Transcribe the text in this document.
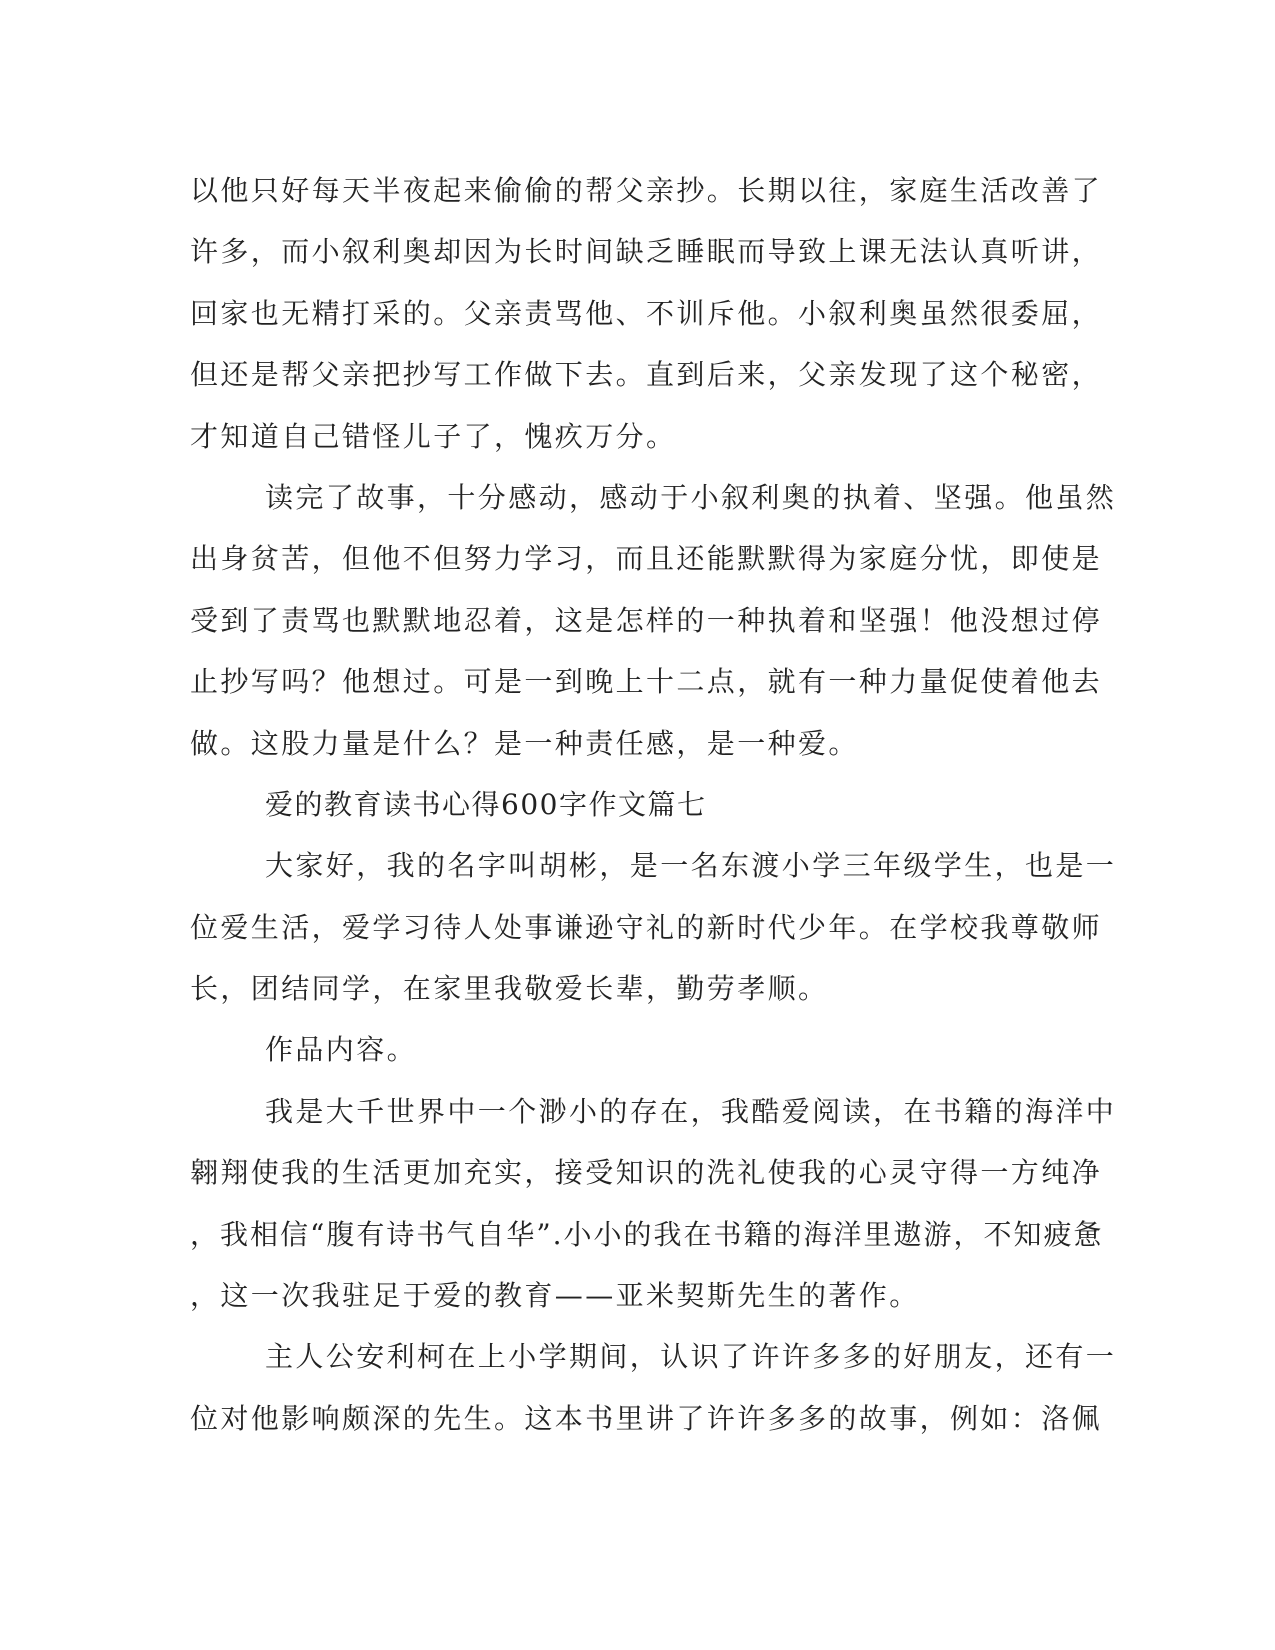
以他只好每天半夜起来偷偷的帮父亲抄。长期以往，家庭生活改善了
许多，而小叙利奥却因为长时间缺乏睡眠而导致上课无法认真听讲，
回家也无精打采的。父亲责骂他、不训斥他。小叙利奥虽然很委屈，
但还是帮父亲把抄写工作做下去。直到后来，父亲发现了这个秘密，
才知道自己错怪儿子了，愧疚万分。
读完了故事，十分感动，感动于小叙利奥的执着、坚强。他虽然
出身贫苦，但他不但努力学习，而且还能默默得为家庭分忧，即使是
受到了责骂也默默地忍着，这是怎样的一种执着和坚强！他没想过停
止抄写吗？他想过。可是一到晚上十二点，就有一种力量促使着他去
做。这股力量是什么？是一种责任感，是一种爱。
爱的教育读书心得600字作文篇七
大家好，我的名字叫胡彬，是一名东渡小学三年级学生，也是一
位爱生活，爱学习待人处事谦逊守礼的新时代少年。在学校我尊敬师
长，团结同学，在家里我敬爱长辈，勤劳孝顺。
作品内容。
我是大千世界中一个渺小的存在，我酷爱阅读，在书籍的海洋中
翱翔使我的生活更加充实，接受知识的洗礼使我的心灵守得一方纯净
，我相信“腹有诗书气自华”.小小的我在书籍的海洋里遨游，不知疲惫
，这一次我驻足于爱的教育——亚米契斯先生的著作。
主人公安利柯在上小学期间，认识了许许多多的好朋友，还有一
位对他影响颇深的先生。这本书里讲了许许多多的故事，例如：洛佩
